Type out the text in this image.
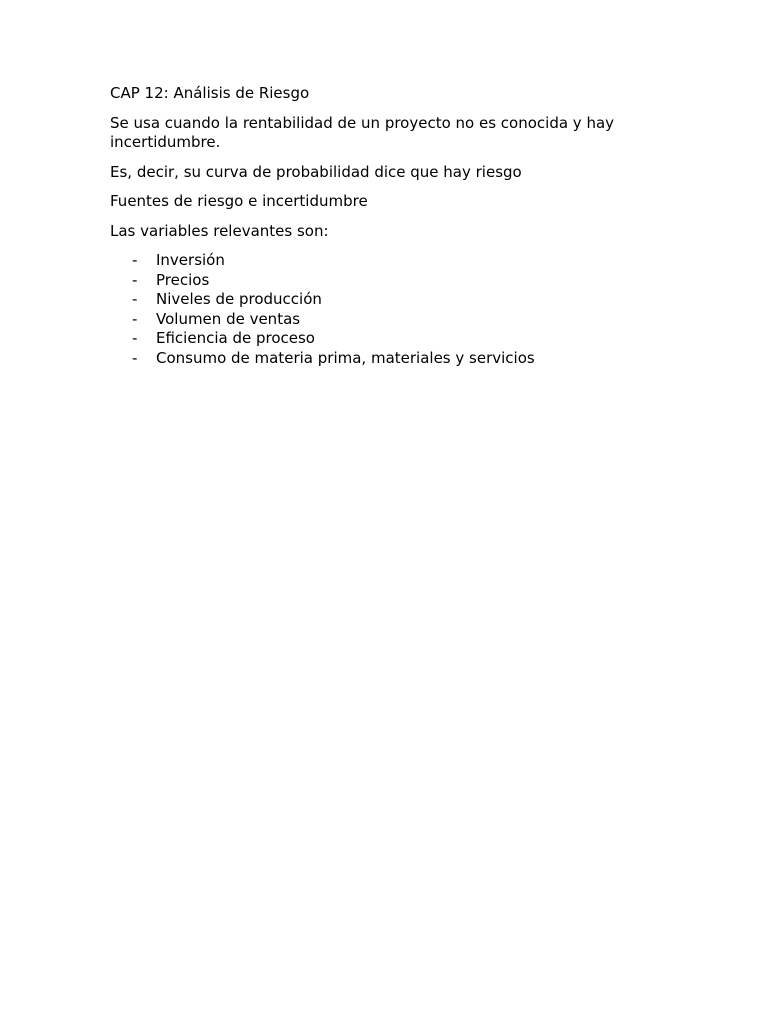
CAP 12: Análisis de Riesgo

Se usa cuando la rentabilidad de un proyecto no es conocida y hay incertidumbre.

Es, decir, su curva de probabilidad dice que hay riesgo

Fuentes de riesgo e incertidumbre

Las variables relevantes son:

- Inversión
- Precios
- Niveles de producción
- Volumen de ventas
- Eficiencia de proceso
- Consumo de materia prima, materiales y servicios
